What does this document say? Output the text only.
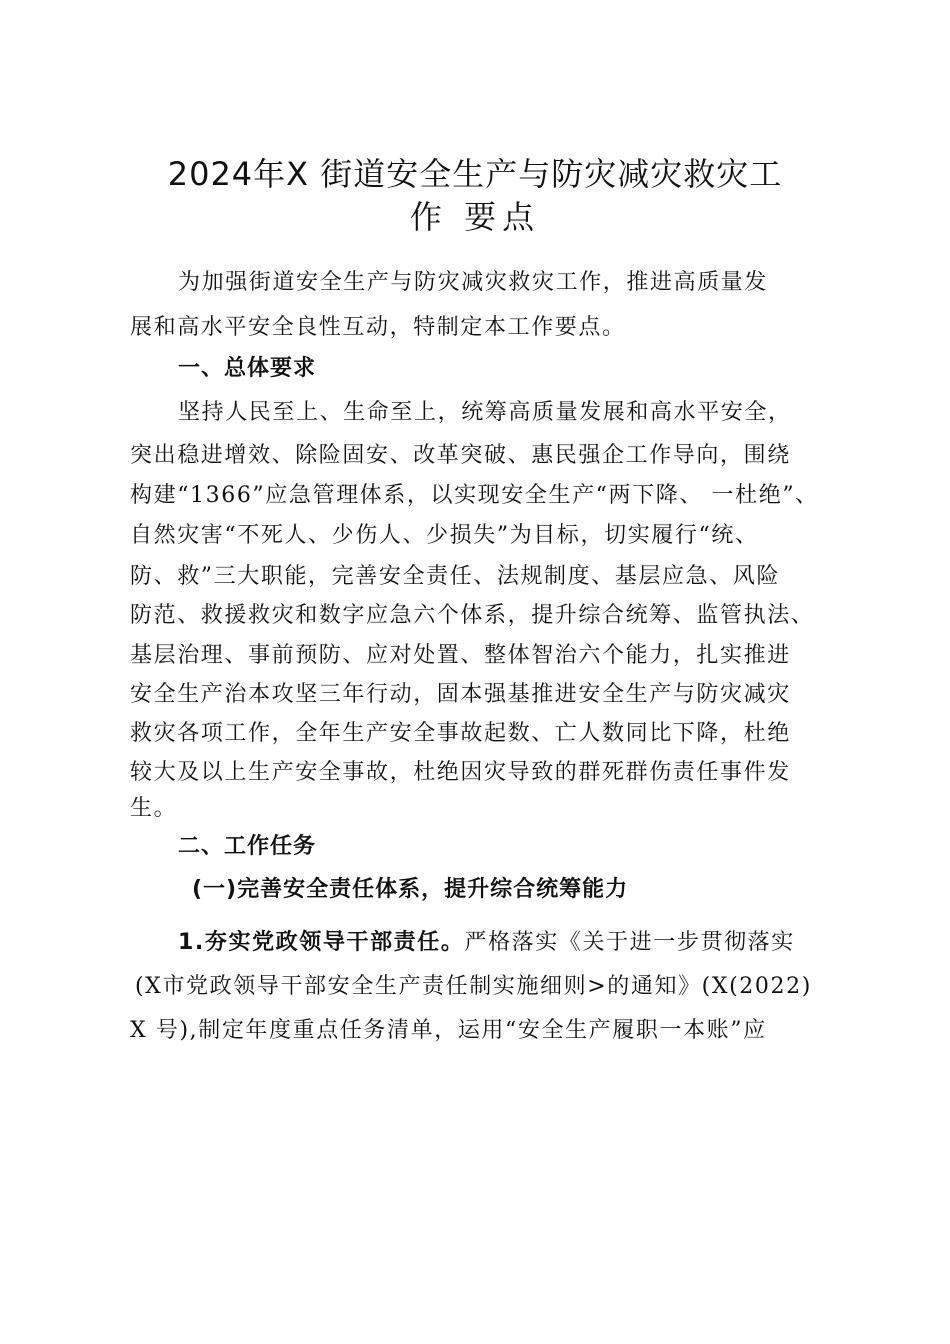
2024年X 街道安全生产与防灾减灾救灾工
作 要点
为加强街道安全生产与防灾减灾救灾工作，推进高质量发
展和高水平安全良性互动，特制定本工作要点。
一、总体要求
坚持人民至上、生命至上，统筹高质量发展和高水平安全，
突出稳进增效、除险固安、改革突破、惠民强企工作导向，围绕
构建“1366”应急管理体系，以实现安全生产“两下降、 一杜绝”、
自然灾害“不死人、少伤人、少损失”为目标，切实履行“统、
防、救”三大职能，完善安全责任、法规制度、基层应急、风险
防范、救援救灾和数字应急六个体系，提升综合统筹、监管执法、
基层治理、事前预防、应对处置、整体智治六个能力，扎实推进
安全生产治本攻坚三年行动，固本强基推进安全生产与防灾减灾
救灾各项工作，全年生产安全事故起数、亡人数同比下降，杜绝
较大及以上生产安全事故，杜绝因灾导致的群死群伤责任事件发
生。
二、工作任务
(一)完善安全责任体系，提升综合统筹能力
1.夯实党政领导干部责任。严格落实《关于进一步贯彻落实
(X市党政领导干部安全生产责任制实施细则>的通知》(X(2022)
X 号),制定年度重点任务清单，运用“安全生产履职一本账”应
